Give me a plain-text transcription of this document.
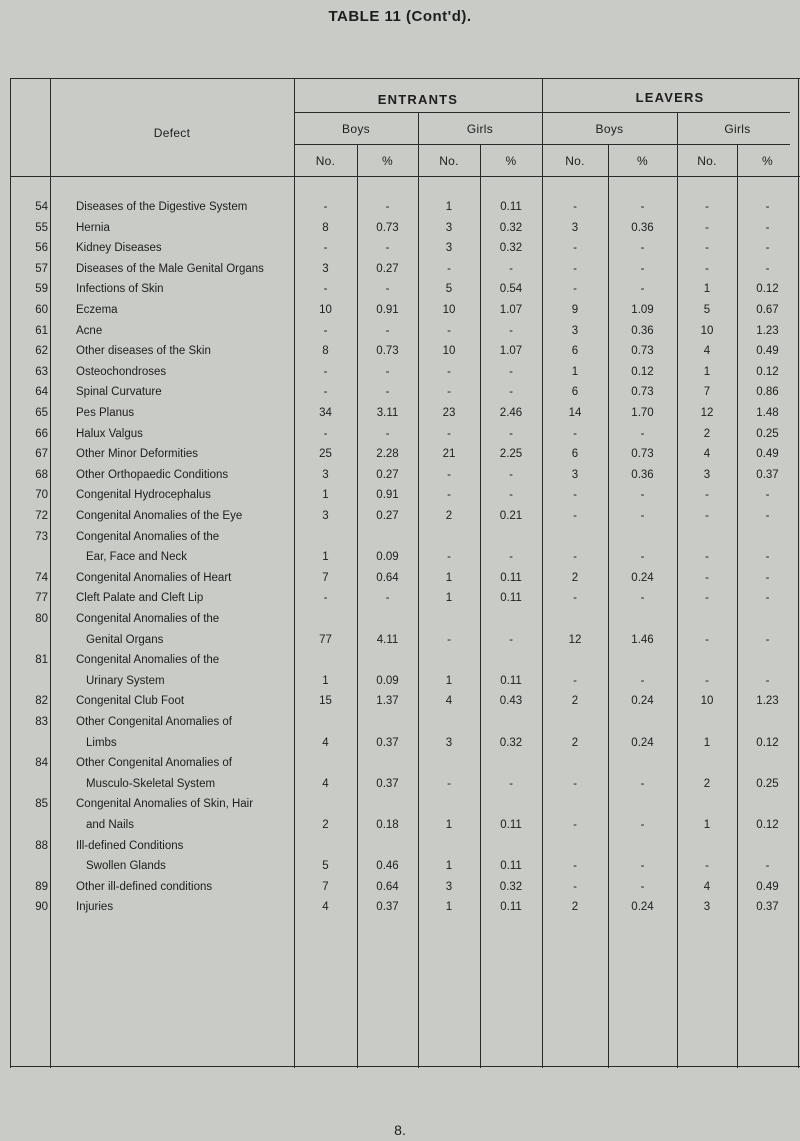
TABLE 11 (Cont'd).
Defect
ENTRANTS	LEAVERS
Boys	Girls	Boys	Girls
No.	%	No.	%	No.	%	No.	%
54 Diseases of the Digestive System	-	-	1	0.11	-	-	-	-
55 Hernia	8	0.73	3	0.32	3	0.36	-	-
56 Kidney Diseases	-	-	3	0.32	-	-	-	-
57 Diseases of the Male Genital Organs	3	0.27	-	-	-	-	-	-
59 Infections of Skin	-	-	5	0.54	-	-	1	0.12
60 Eczema	10	0.91	10	1.07	9	1.09	5	0.67
61 Acne	-	-	-	-	3	0.36	10	1.23
62 Other diseases of the Skin	8	0.73	10	1.07	6	0.73	4	0.49
63 Osteochondroses	-	-	-	-	1	0.12	1	0.12
64 Spinal Curvature	-	-	-	-	6	0.73	7	0.86
65 Pes Planus	34	3.11	23	2.46	14	1.70	12	1.48
66 Halux Valgus	-	-	-	-	-	-	2	0.25
67 Other Minor Deformities	25	2.28	21	2.25	6	0.73	4	0.49
68 Other Orthopaedic Conditions	3	0.27	-	-	3	0.36	3	0.37
70 Congenital Hydrocephalus	1	0.91	-	-	-	-	-	-
72 Congenital Anomalies of the Eye	3	0.27	2	0.21	-	-	-	-
73 Congenital Anomalies of the
Ear, Face and Neck	1	0.09	-	-	-	-	-	-
74 Congenital Anomalies of Heart	7	0.64	1	0.11	2	0.24	-	-
77 Cleft Palate and Cleft Lip	-	-	1	0.11	-	-	-	-
80 Congenital Anomalies of the
Genital Organs	77	4.11	-	-	12	1.46	-	-
81 Congenital Anomalies of the
Urinary System	1	0.09	1	0.11	-	-	-	-
82 Congenital Club Foot	15	1.37	4	0.43	2	0.24	10	1.23
83 Other Congenital Anomalies of
Limbs	4	0.37	3	0.32	2	0.24	1	0.12
84 Other Congenital Anomalies of
Musculo-Skeletal System	4	0.37	-	-	-	-	2	0.25
85 Congenital Anomalies of Skin, Hair
and Nails	2	0.18	1	0.11	-	-	1	0.12
88 Ill-defined Conditions
Swollen Glands	5	0.46	1	0.11	-	-	-	-
89 Other ill-defined conditions	7	0.64	3	0.32	-	-	4	0.49
90 Injuries	4	0.37	1	0.11	2	0.24	3	0.37
8.
